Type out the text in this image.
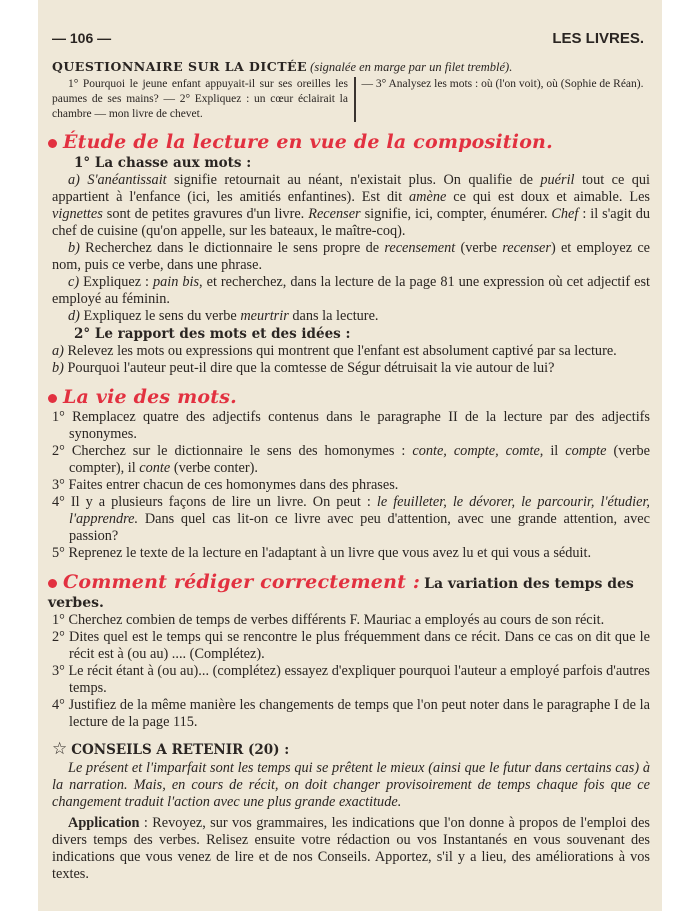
— 106 —	LES LIVRES.
QUESTIONNAIRE SUR LA DICTÉE (signalée en marge par un filet tremblé).
1° Pourquoi le jeune enfant appuyait-il sur ses oreilles les paumes de ses mains? — 2° Expliquez : un cœur éclairait la chambre — mon livre de chevet.
— 3° Analysez les mots : où (l'on voit), où (Sophie de Réan).
Étude de la lecture en vue de la composition.

1° La chasse aux mots :

a) S'anéantissait signifie retournait au néant, n'existait plus. On qualifie de puéril tout ce qui appartient à l'enfance (ici, les amitiés enfantines). Est dit amène ce qui est doux et aimable. Les vignettes sont de petites gravures d'un livre. Recenser signifie, ici, compter, énumérer. Chef : il s'agit du chef de cuisine (qu'on appelle, sur les bateaux, le maître-coq).

b) Recherchez dans le dictionnaire le sens propre de recensement (verbe recenser) et employez ce nom, puis ce verbe, dans une phrase.

c) Expliquez : pain bis, et recherchez, dans la lecture de la page 81 une expression où cet adjectif est employé au féminin.

d) Expliquez le sens du verbe meurtrir dans la lecture.

2° Le rapport des mots et des idées :

a) Relevez les mots ou expressions qui montrent que l'enfant est absolument captivé par sa lecture.

b) Pourquoi l'auteur peut-il dire que la comtesse de Ségur détruisait la vie autour de lui?

La vie des mots.

1° Remplacez quatre des adjectifs contenus dans le paragraphe II de la lecture par des adjectifs synonymes.

2° Cherchez sur le dictionnaire le sens des homonymes : conte, compte, comte, il compte (verbe compter), il conte (verbe conter).

3° Faites entrer chacun de ces homonymes dans des phrases.

4° Il y a plusieurs façons de lire un livre. On peut : le feuilleter, le dévorer, le parcourir, l'étudier, l'apprendre. Dans quel cas lit-on ce livre avec peu d'attention, avec une grande attention, avec passion?

5° Reprenez le texte de la lecture en l'adaptant à un livre que vous avez lu et qui vous a séduit.

Comment rédiger correctement : La variation des temps des verbes.

1° Cherchez combien de temps de verbes différents F. Mauriac a employés au cours de son récit.

2° Dites quel est le temps qui se rencontre le plus fréquemment dans ce récit. Dans ce cas on dit que le récit est à (ou au) .... (Complétez).

3° Le récit étant à (ou au)... (complétez) essayez d'expliquer pourquoi l'auteur a employé parfois d'autres temps.

4° Justifiez de la même manière les changements de temps que l'on peut noter dans le paragraphe I de la lecture de la page 115.

☆ CONSEILS A RETENIR (20) :

Le présent et l'imparfait sont les temps qui se prêtent le mieux (ainsi que le futur dans certains cas) à la narration. Mais, en cours de récit, on doit changer provisoirement de temps chaque fois que ce changement traduit l'action avec une plus grande exactitude.

Application : Revoyez, sur vos grammaires, les indications que l'on donne à propos de l'emploi des divers temps des verbes. Relisez ensuite votre rédaction ou vos Instantanés en vous souvenant des indications que vous venez de lire et de nos Conseils. Apportez, s'il y a lieu, des améliorations à vos textes.
